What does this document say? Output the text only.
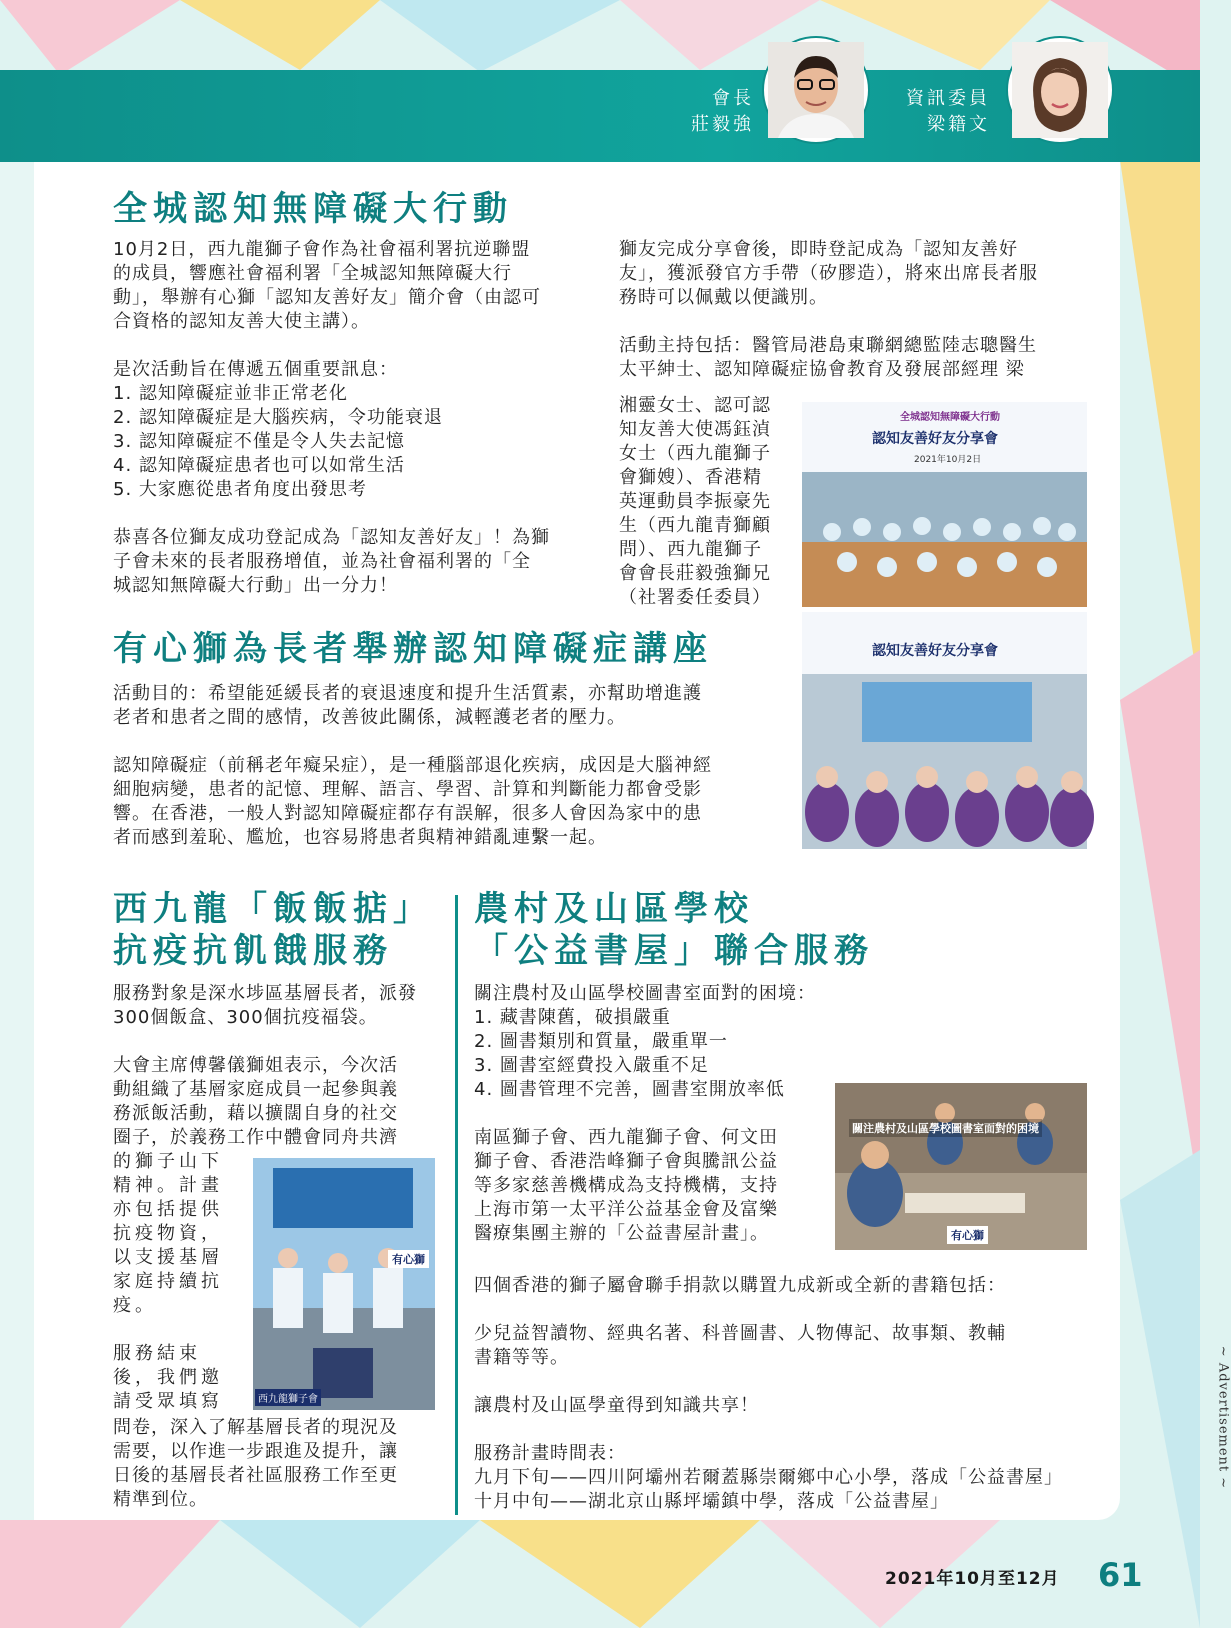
會長
莊毅強
資訊委員
梁籍文
全城認知無障礙大行動

10月2日，西九龍獅子會作為社會福利署抗逆聯盟
的成員，響應社會福利署「全城認知無障礙大行
動」，舉辦有心獅「認知友善好友」簡介會（由認可
合資格的認知友善大使主講）。

是次活動旨在傳遞五個重要訊息：
1. 認知障礙症並非正常老化
2. 認知障礙症是大腦疾病，令功能衰退
3. 認知障礙症不僅是令人失去記憶
4. 認知障礙症患者也可以如常生活
5. 大家應從患者角度出發思考

恭喜各位獅友成功登記成為「認知友善好友」！為獅
子會未來的長者服務增值，並為社會福利署的「全
城認知無障礙大行動」出一分力！

獅友完成分享會後，即時登記成為「認知友善好
友」，獲派發官方手帶（矽膠造），將來出席長者服
務時可以佩戴以便識別。

活動主持包括：醫管局港島東聯網總監陸志聰醫生
太平紳士、認知障礙症協會教育及發展部經理 梁

湘靈女士、認可認
知友善大使馮鈺湞
女士（西九龍獅子
會獅嫂）、香港精
英運動員李振豪先
生（西九龍青獅顧
問）、西九龍獅子
會會長莊毅強獅兄
（社署委任委員）

全城認知無障礙大行動
認知友善好友分享會
2021年10月2日
有心獅為長者舉辦認知障礙症講座

活動目的：希望能延緩長者的衰退速度和提升生活質素，亦幫助增進護
老者和患者之間的感情，改善彼此關係，減輕護老者的壓力。

認知障礙症（前稱老年癡呆症），是一種腦部退化疾病，成因是大腦神經
細胞病變，患者的記憶、理解、語言、學習、計算和判斷能力都會受影
響。在香港，一般人對認知障礙症都存有誤解，很多人會因為家中的患
者而感到羞恥、尷尬，也容易將患者與精神錯亂連繫一起。

認知友善好友分享會
西九龍「飯飯掂」
抗疫抗飢餓服務

服務對象是深水埗區基層長者，派發
300個飯盒、300個抗疫福袋。

大會主席傅馨儀獅姐表示，今次活
動組織了基層家庭成員一起參與義
務派飯活動，藉以擴闊自身的社交
圈子，於義務工作中體會同舟共濟

的獅子山下
精神。計畫
亦包括提供
抗疫物資，
以支援基層
家庭持續抗
疫。

服務結束
後，我們邀
請受眾填寫

問卷，深入了解基層長者的現況及
需要，以作進一步跟進及提升，讓
日後的基層長者社區服務工作至更
精準到位。

西九龍獅子會
有心獅
農村及山區學校
「公益書屋」聯合服務

關注農村及山區學校圖書室面對的困境：
1. 藏書陳舊，破損嚴重
2. 圖書類別和質量，嚴重單一
3. 圖書室經費投入嚴重不足
4. 圖書管理不完善，圖書室開放率低

南區獅子會、西九龍獅子會、何文田
獅子會、香港浩峰獅子會與騰訊公益
等多家慈善機構成為支持機構，支持
上海市第一太平洋公益基金會及富樂
醫療集團主辦的「公益書屋計畫」。

四個香港的獅子屬會聯手捐款以購置九成新或全新的書籍包括：

少兒益智讀物、經典名著、科普圖書、人物傳記、故事類、教輔
書籍等等。

讓農村及山區學童得到知識共享！

服務計畫時間表：
九月下旬——四川阿壩州若爾蓋縣崇爾鄉中心小學，落成「公益書屋」
十月中旬——湖北京山縣坪壩鎮中學，落成「公益書屋」

關注農村及山區學校圖書室面對的困境
有心獅
~ Advertisement ~
2021年10月至12月 61
